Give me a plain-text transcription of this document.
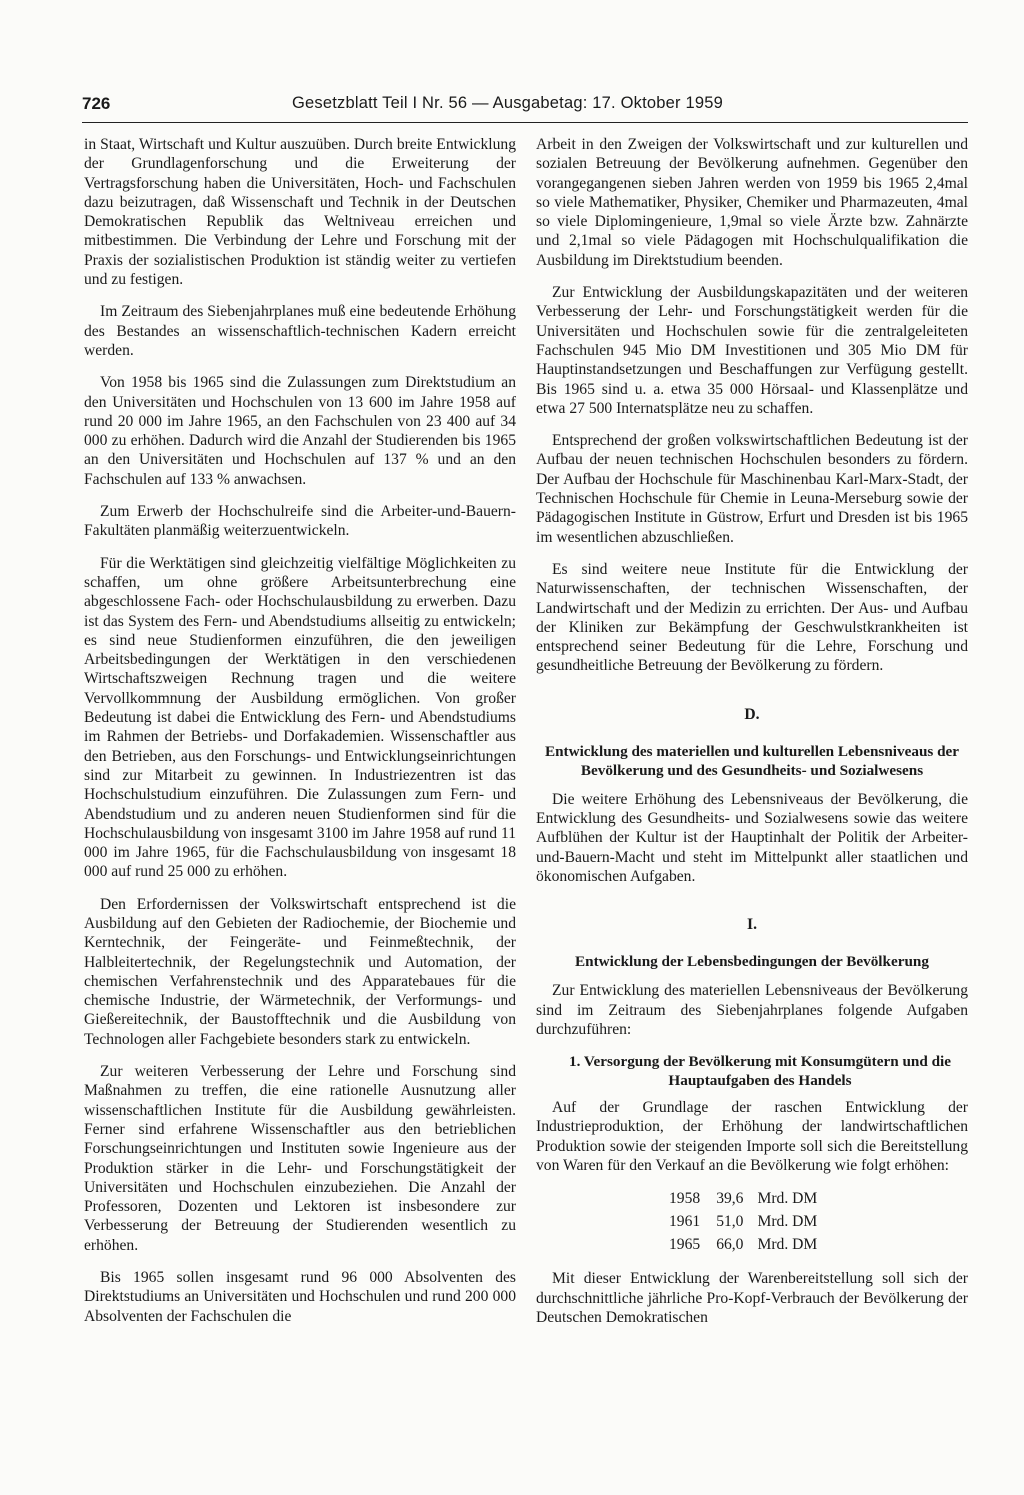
726	Gesetzblatt Teil I Nr. 56 — Ausgabetag: 17. Oktober 1959

in Staat, Wirtschaft und Kultur auszuüben. Durch breite Entwicklung der Grundlagenforschung und die Erweiterung der Vertragsforschung haben die Universitäten, Hoch- und Fachschulen dazu beizutragen, daß Wissenschaft und Technik in der Deutschen Demokratischen Republik das Weltniveau erreichen und mitbestimmen. Die Verbindung der Lehre und Forschung mit der Praxis der sozialistischen Produktion ist ständig weiter zu vertiefen und zu festigen.

Im Zeitraum des Siebenjahrplanes muß eine bedeutende Erhöhung des Bestandes an wissenschaftlich-technischen Kadern erreicht werden.

Von 1958 bis 1965 sind die Zulassungen zum Direktstudium an den Universitäten und Hochschulen von 13 600 im Jahre 1958 auf rund 20 000 im Jahre 1965, an den Fachschulen von 23 400 auf 34 000 zu erhöhen. Dadurch wird die Anzahl der Studierenden bis 1965 an den Universitäten und Hochschulen auf 137 % und an den Fachschulen auf 133 % anwachsen.

Zum Erwerb der Hochschulreife sind die Arbeiter-und-Bauern-Fakultäten planmäßig weiterzuentwickeln.

Für die Werktätigen sind gleichzeitig vielfältige Möglichkeiten zu schaffen, um ohne größere Arbeitsunterbrechung eine abgeschlossene Fach- oder Hochschulausbildung zu erwerben. Dazu ist das System des Fern- und Abendstudiums allseitig zu entwickeln; es sind neue Studienformen einzuführen, die den jeweiligen Arbeitsbedingungen der Werktätigen in den verschiedenen Wirtschaftszweigen Rechnung tragen und die weitere Vervollkommnung der Ausbildung ermöglichen. Von großer Bedeutung ist dabei die Entwicklung des Fern- und Abendstudiums im Rahmen der Betriebs- und Dorfakademien. Wissenschaftler aus den Betrieben, aus den Forschungs- und Entwicklungseinrichtungen sind zur Mitarbeit zu gewinnen. In Industriezentren ist das Hochschulstudium einzuführen. Die Zulassungen zum Fern- und Abendstudium und zu anderen neuen Studienformen sind für die Hochschulausbildung von insgesamt 3100 im Jahre 1958 auf rund 11 000 im Jahre 1965, für die Fachschulausbildung von insgesamt 18 000 auf rund 25 000 zu erhöhen.

Den Erfordernissen der Volkswirtschaft entsprechend ist die Ausbildung auf den Gebieten der Radiochemie, der Biochemie und Kerntechnik, der Feingeräte- und Feinmeßtechnik, der Halbleitertechnik, der Regelungstechnik und Automation, der chemischen Verfahrenstechnik und des Apparatebaues für die chemische Industrie, der Wärmetechnik, der Verformungs- und Gießereitechnik, der Baustofftechnik und die Ausbildung von Technologen aller Fachgebiete besonders stark zu entwickeln.

Zur weiteren Verbesserung der Lehre und Forschung sind Maßnahmen zu treffen, die eine rationelle Ausnutzung aller wissenschaftlichen Institute für die Ausbildung gewährleisten. Ferner sind erfahrene Wissenschaftler aus den betrieblichen Forschungseinrichtungen und Instituten sowie Ingenieure aus der Produktion stärker in die Lehr- und Forschungstätigkeit der Universitäten und Hochschulen einzubeziehen. Die Anzahl der Professoren, Dozenten und Lektoren ist insbesondere zur Verbesserung der Betreuung der Studierenden wesentlich zu erhöhen.

Bis 1965 sollen insgesamt rund 96 000 Absolventen des Direktstudiums an Universitäten und Hochschulen und rund 200 000 Absolventen der Fachschulen die

Arbeit in den Zweigen der Volkswirtschaft und zur kulturellen und sozialen Betreuung der Bevölkerung aufnehmen. Gegenüber den vorangegangenen sieben Jahren werden von 1959 bis 1965 2,4mal so viele Mathematiker, Physiker, Chemiker und Pharmazeuten, 4mal so viele Diplomingenieure, 1,9mal so viele Ärzte bzw. Zahnärzte und 2,1mal so viele Pädagogen mit Hochschulqualifikation die Ausbildung im Direktstudium beenden.

Zur Entwicklung der Ausbildungskapazitäten und der weiteren Verbesserung der Lehr- und Forschungstätigkeit werden für die Universitäten und Hochschulen sowie für die zentralgeleiteten Fachschulen 945 Mio DM Investitionen und 305 Mio DM für Hauptinstandsetzungen und Beschaffungen zur Verfügung gestellt. Bis 1965 sind u. a. etwa 35 000 Hörsaal- und Klassenplätze und etwa 27 500 Internatsplätze neu zu schaffen.

Entsprechend der großen volkswirtschaftlichen Bedeutung ist der Aufbau der neuen technischen Hochschulen besonders zu fördern. Der Aufbau der Hochschule für Maschinenbau Karl-Marx-Stadt, der Technischen Hochschule für Chemie in Leuna-Merseburg sowie der Pädagogischen Institute in Güstrow, Erfurt und Dresden ist bis 1965 im wesentlichen abzuschließen.

Es sind weitere neue Institute für die Entwicklung der Naturwissenschaften, der technischen Wissenschaften, der Landwirtschaft und der Medizin zu errichten. Der Aus- und Aufbau der Kliniken zur Bekämpfung der Geschwulstkrankheiten ist entsprechend seiner Bedeutung für die Lehre, Forschung und gesundheitliche Betreuung der Bevölkerung zu fördern.

D.
Entwicklung des materiellen und kulturellen Lebensniveaus der Bevölkerung und des Gesundheits- und Sozialwesens

Die weitere Erhöhung des Lebensniveaus der Bevölkerung, die Entwicklung des Gesundheits- und Sozialwesens sowie das weitere Aufblühen der Kultur ist der Hauptinhalt der Politik der Arbeiter-und-Bauern-Macht und steht im Mittelpunkt aller staatlichen und ökonomischen Aufgaben.

I.
Entwicklung der Lebensbedingungen der Bevölkerung

Zur Entwicklung des materiellen Lebensniveaus der Bevölkerung sind im Zeitraum des Siebenjahrplanes folgende Aufgaben durchzuführen:

1. Versorgung der Bevölkerung mit Konsumgütern und die Hauptaufgaben des Handels

Auf der Grundlage der raschen Entwicklung der Industrieproduktion, der Erhöhung der landwirtschaftlichen Produktion sowie der steigenden Importe soll sich die Bereitstellung von Waren für den Verkauf an die Bevölkerung wie folgt erhöhen:

1958	39,6	Mrd. DM
1961	51,0	Mrd. DM
1965	66,0	Mrd. DM

Mit dieser Entwicklung der Warenbereitstellung soll sich der durchschnittliche jährliche Pro-Kopf-Verbrauch der Bevölkerung der Deutschen Demokratischen
